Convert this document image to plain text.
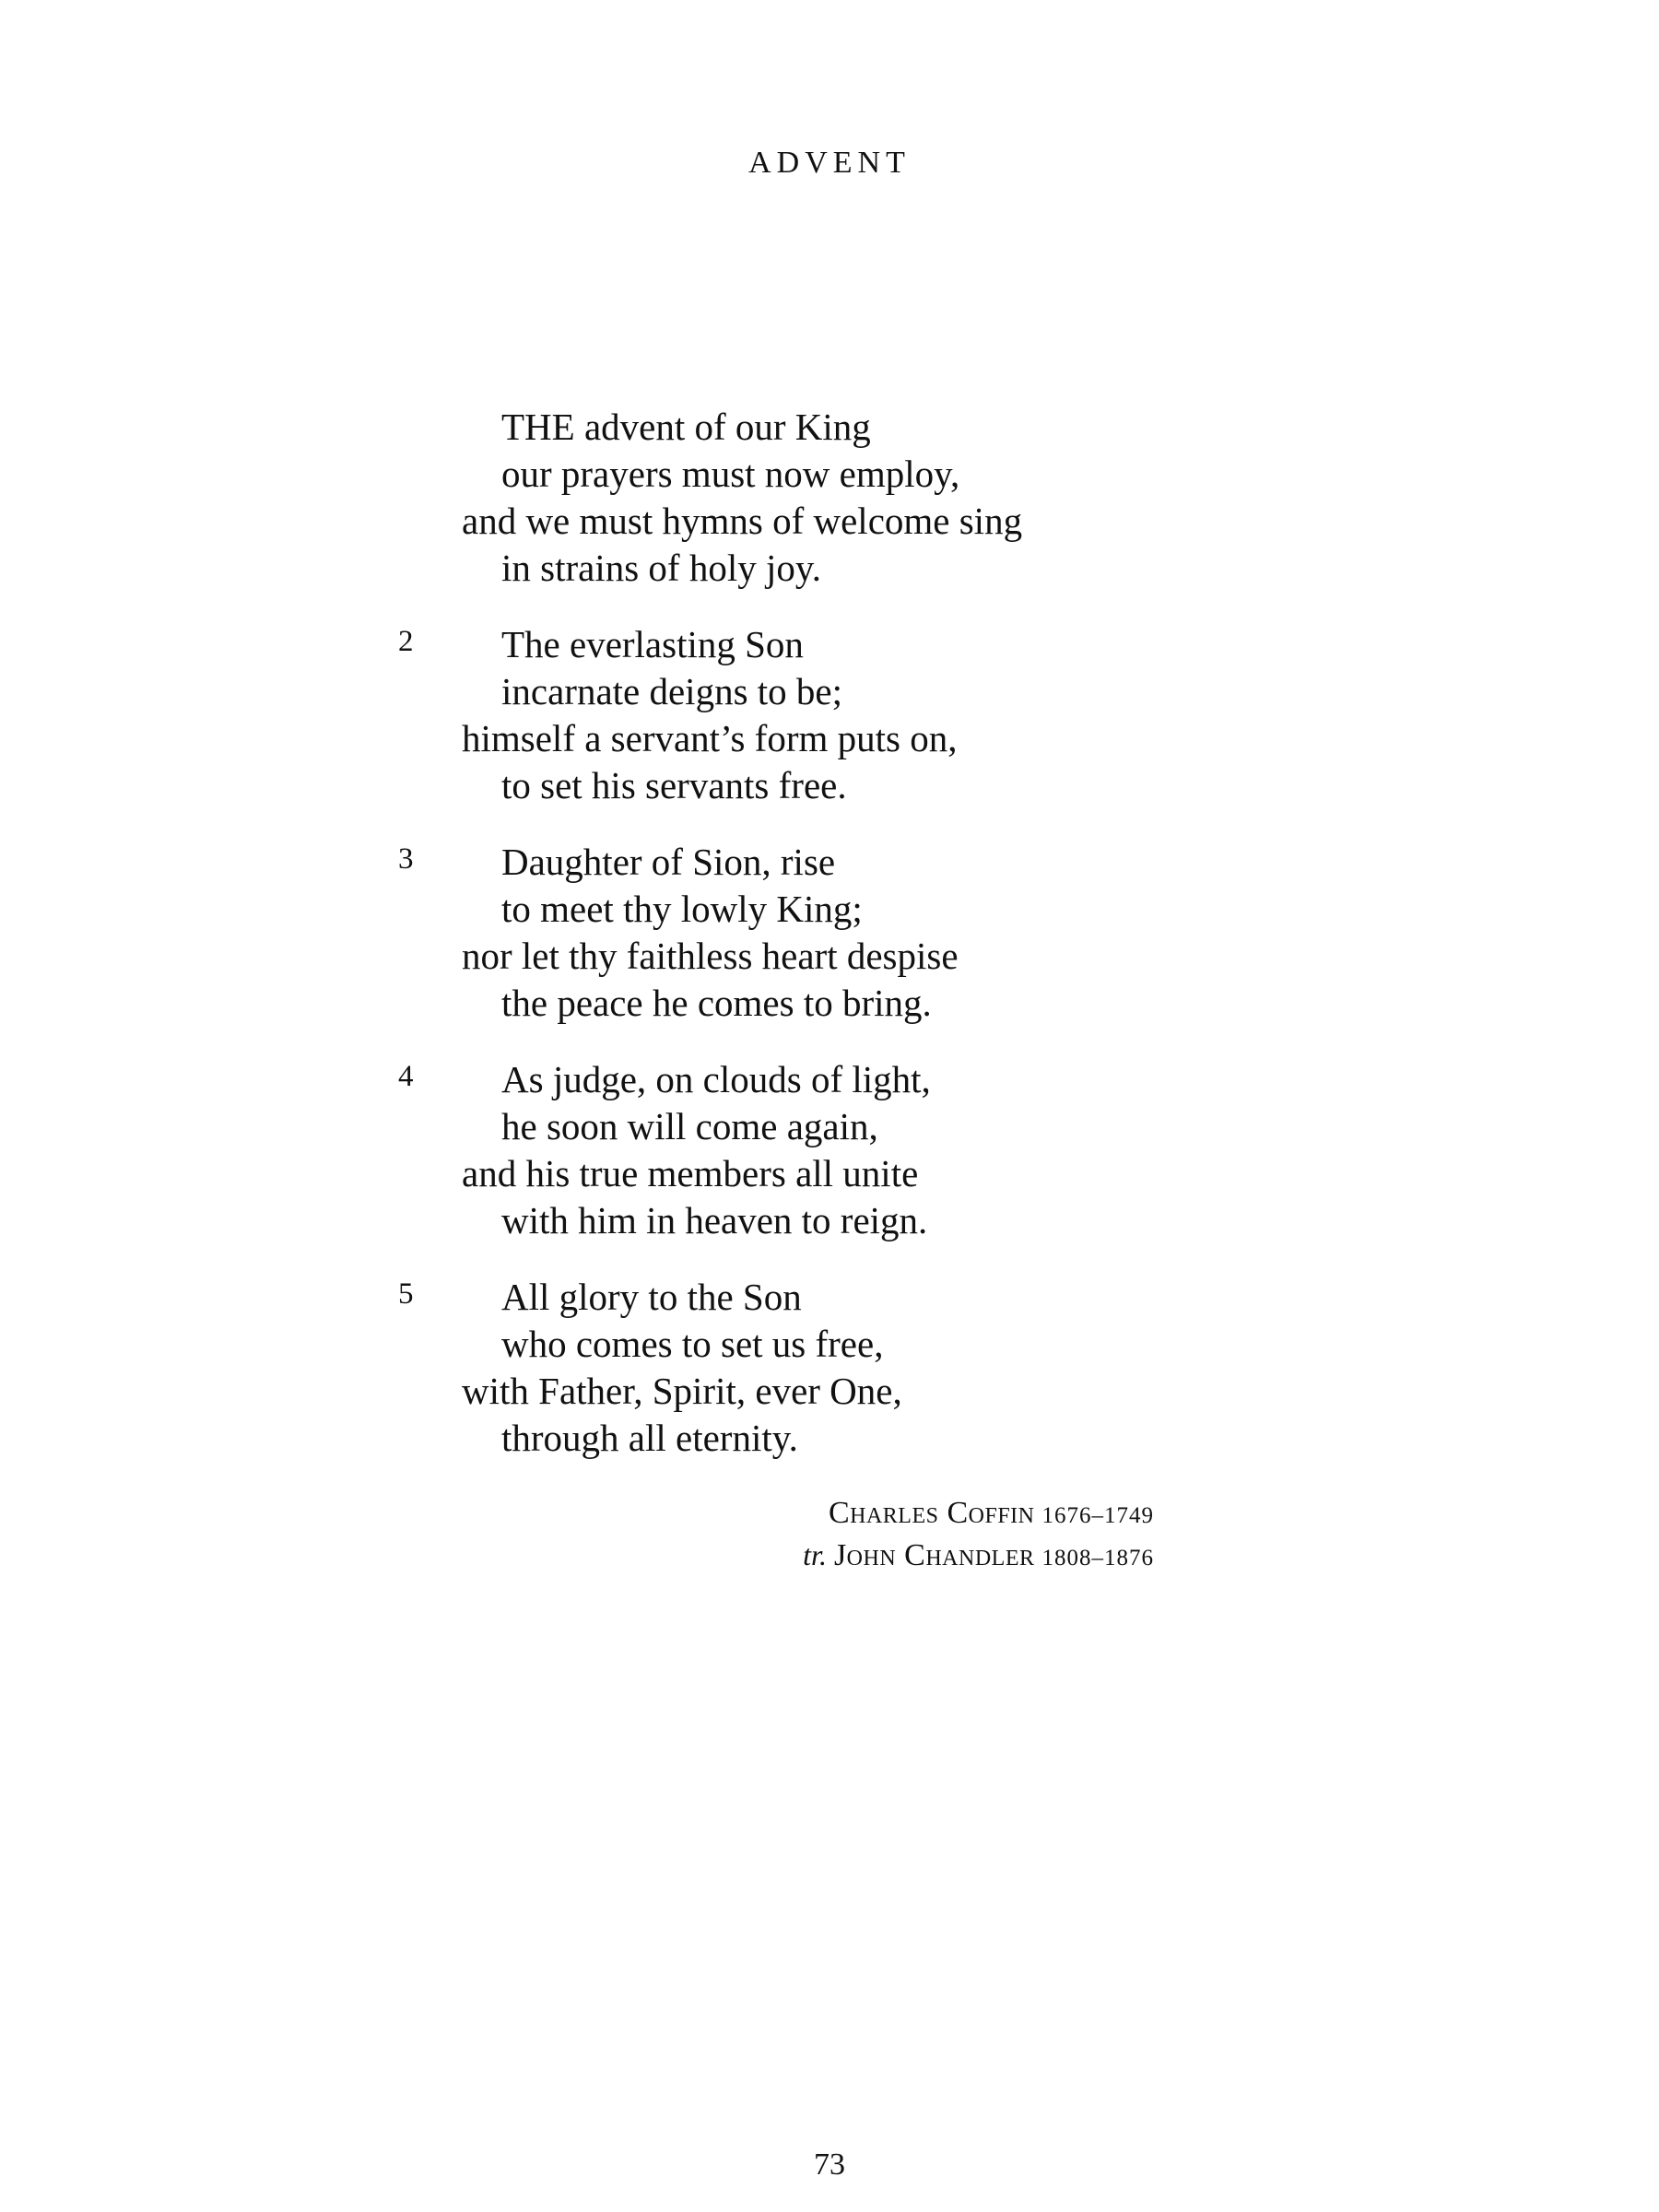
ADVENT
THE advent of our King
our prayers must now employ,
and we must hymns of welcome sing
in strains of holy joy.
2	The everlasting Son
incarnate deigns to be;
himself a servant’s form puts on,
to set his servants free.
3	Daughter of Sion, rise
to meet thy lowly King;
nor let thy faithless heart despise
the peace he comes to bring.
4	As judge, on clouds of light,
he soon will come again,
and his true members all unite
with him in heaven to reign.
5	All glory to the Son
who comes to set us free,
with Father, Spirit, ever One,
through all eternity.
Charles Coffin 1676–1749
tr. John Chandler 1808–1876
73
